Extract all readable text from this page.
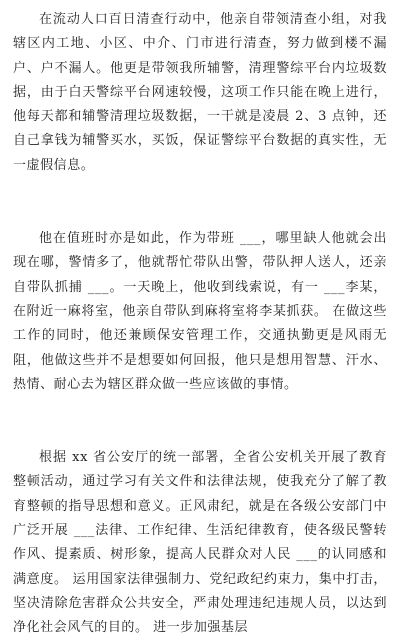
在流动人口百日清查行动中，他亲自带领清查小组，对我辖区内工地、小区、中介、门市进行清查，努力做到楼不漏户、户不漏人。他更是带领我所辅警，清理警综平台内垃圾数据，由于白天警综平台网速较慢，这项工作只能在晚上进行，他每天都和辅警清理垃圾数据，一干就是凌晨 2、3 点钟，还自己拿钱为辅警买水，买饭，保证警综平台数据的真实性，无一虚假信息。

他在值班时亦是如此，作为带班 ___，哪里缺人他就会出现在哪，警情多了，他就帮忙带队出警，带队押人送人，还亲自带队抓捕 ___。一天晚上，他收到线索说，有一 ___李某，在附近一麻将室，他亲自带队到麻将室将李某抓获。 在做这些工作的同时，他还兼顾保安管理工作，交通执勤更是风雨无阻，他做这些并不是想要如何回报，他只是想用智慧、汗水、热情、耐心去为辖区群众做一些应该做的事情。

根据 xx 省公安厅的统一部署，全省公安机关开展了教育整顿活动，通过学习有关文件和法律法规，使我充分了解了教育整顿的指导思想和意义。正风肃纪，就是在各级公安部门中广泛开展 ___法律、工作纪律、生活纪律教育，使各级民警转作风、提素质、树形象，提高人民群众对人民 ___的认同感和满意度。 运用国家法律强制力、党纪政纪约束力，集中打击，坚决清除危害群众公共安全，严肃处理违纪违规人员，以达到净化社会风气的目的。 进一步加强基层
